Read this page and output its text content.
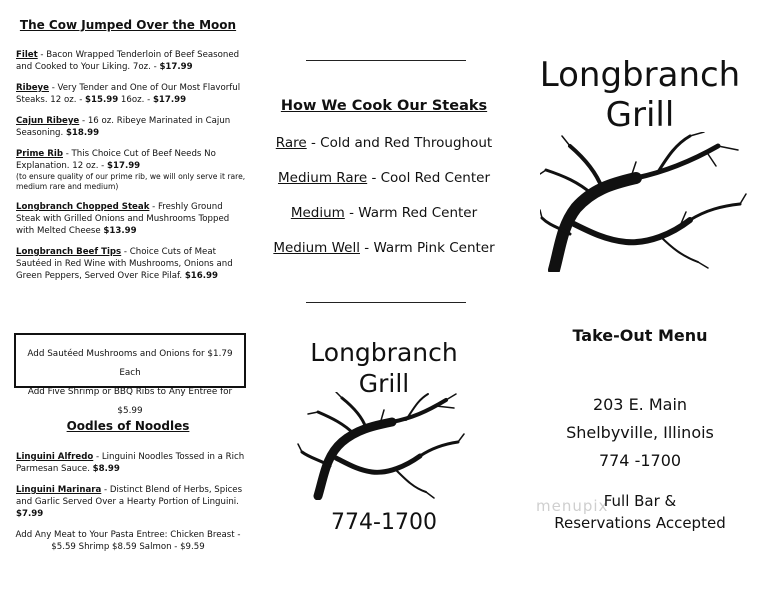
The Cow Jumped Over the Moon
Filet - Bacon Wrapped Tenderloin of Beef Seasoned and Cooked to Your Liking. 7oz. - $17.99
Ribeye - Very Tender and One of Our Most Flavorful Steaks. 12 oz. - $15.99 16oz. - $17.99
Cajun Ribeye - 16 oz. Ribeye Marinated in Cajun Seasoning. $18.99
Prime Rib - This Choice Cut of Beef Needs No Explanation. 12 oz. - $17.99
(to ensure quality of our prime rib, we will only serve it rare, medium rare and medium)
Longbranch Chopped Steak - Freshly Ground Steak with Grilled Onions and Mushrooms Topped with Melted Cheese $13.99
Longbranch Beef Tips - Choice Cuts of Meat Sautéed in Red Wine with Mushrooms, Onions and Green Peppers, Served Over Rice Pilaf. $16.99
Add Sautéed Mushrooms and Onions for $1.79 Each
Add Five Shrimp or BBQ Ribs to Any Entree for $5.99
Oodles of Noodles
Linguini Alfredo - Linguini Noodles Tossed in a Rich Parmesan Sauce. $8.99
Linguini Marinara - Distinct Blend of Herbs, Spices and Garlic Served Over a Hearty Portion of Linguini. $7.99
Add Any Meat to Your Pasta Entree: Chicken Breast -
$5.59 Shrimp $8.59 Salmon - $9.59
How We Cook Our Steaks
Rare - Cold and Red Throughout
Medium Rare - Cool Red Center
Medium - Warm Red Center
Medium Well - Warm Pink Center
Longbranch
Grill
774-1700
Longbranch
Grill
Take-Out Menu
203 E. Main
Shelbyville, Illinois
774 -1700
menupix
Full Bar &
Reservations Accepted
